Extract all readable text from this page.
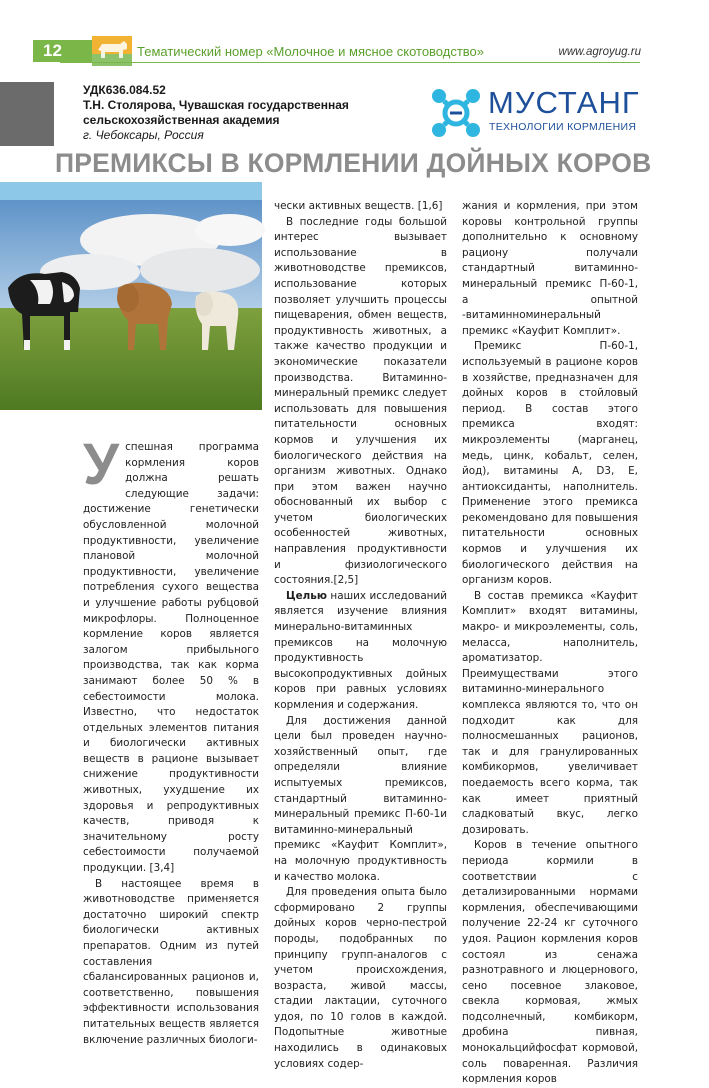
12	Тематический номер «Молочное и мясное скотоводство»	www.agroyug.ru
УДК636.084.52
Т.Н. Столярова, Чувашская государственная сельскохозяйственная академия
г. Чебоксары, Россия
МУСТАНГ
ТЕХНОЛОГИИ КОРМЛЕНИЯ
ПРЕМИКСЫ В КОРМЛЕНИИ ДОЙНЫХ КОРОВ

Успешная программа кормления коров должна решать следующие задачи: достижение генетически обусловленной молочной продуктивности, увеличение плановой молочной продуктивности, увеличение потребления сухого вещества и улучшение работы рубцовой микрофлоры. Полноценное кормление коров является залогом прибыльного производства, так как корма занимают более 50 % в себестоимости молока. Известно, что недостаток отдельных элементов питания и биологически активных веществ в рационе вызывает снижение продуктивности животных, ухудшение их здоровья и репродуктивных качеств, приводя к значительному росту себестоимости получаемой продукции. [3,4]

В настоящее время в животноводстве применяется достаточно широкий спектр биологически активных препаратов. Одним из путей составления сбалансированных рационов и, соответственно, повышения эффективности использования питательных веществ является включение различных биологи-

чески активных веществ. [1,6]

В последние годы большой интерес вызывает использование в животноводстве премиксов, использование которых позволяет улучшить процессы пищеварения, обмен веществ, продуктивность животных, а также качество продукции и экономические показатели производства. Витаминно-минеральный премикс следует использовать для повышения питательности основных кормов и улучшения их биологического действия на организм животных. Однако при этом важен научно обоснованный их выбор с учетом биологических особенностей животных, направления продуктивности и физиологического состояния.[2,5]

Целью наших исследований является изучение влияния минерально-витаминных премиксов на молочную продуктивность высокопродуктивных дойных коров при равных условиях кормления и содержания.

Для достижения данной цели был проведен научно-хозяйственный опыт, где определяли влияние испытуемых премиксов, стандартный витаминно-минеральный премикс П-60-1и витаминно-минеральный премикс «Кауфит Комплит», на молочную продуктивность и качество молока.

Для проведения опыта было сформировано 2 группы дойных коров черно-пестрой породы, подобранных по принципу групп-аналогов с учетом происхождения, возраста, живой массы, стадии лактации, суточного удоя, по 10 голов в каждой. Подопытные животные находились в одинаковых условиях содер-

жания и кормления, при этом коровы контрольной группы дополнительно к основному рациону получали стандартный витаминно-минеральный премикс П-60-1, а опытной -витаминноминеральный премикс «Кауфит Комплит».

Премикс П-60-1, используемый в рационе коров в хозяйстве, предназначен для дойных коров в стойловый период. В состав этого премикса входят: микроэлементы (марганец, медь, цинк, кобальт, селен, йод), витамины А, D3, Е, антиоксиданты, наполнитель. Применение этого премикса рекомендовано для повышения питательности основных кормов и улучшения их биологического действия на организм коров.

В состав премикса «Кауфит Комплит» входят витамины, макро- и микроэлементы, соль, меласса, наполнитель, ароматизатор. Преимуществами этого витаминно-минерального комплекса являются то, что он подходит как для полносмешанных рационов, так и для гранулированных комбикормов, увеличивает поедаемость всего корма, так как имеет приятный сладковатый вкус, легко дозировать.

Коров в течение опытного периода кормили в соответствии с детализированными нормами кормления, обеспечивающими получение 22-24 кг суточного удоя. Рацион кормления коров состоял из сенажа разнотравного и люцернового, сено посевное злаковое, свекла кормовая, жмых подсолнечный, комбикорм, дробина пивная, монокальцийфосфат кормовой, соль поваренная. Различия кормления коров
